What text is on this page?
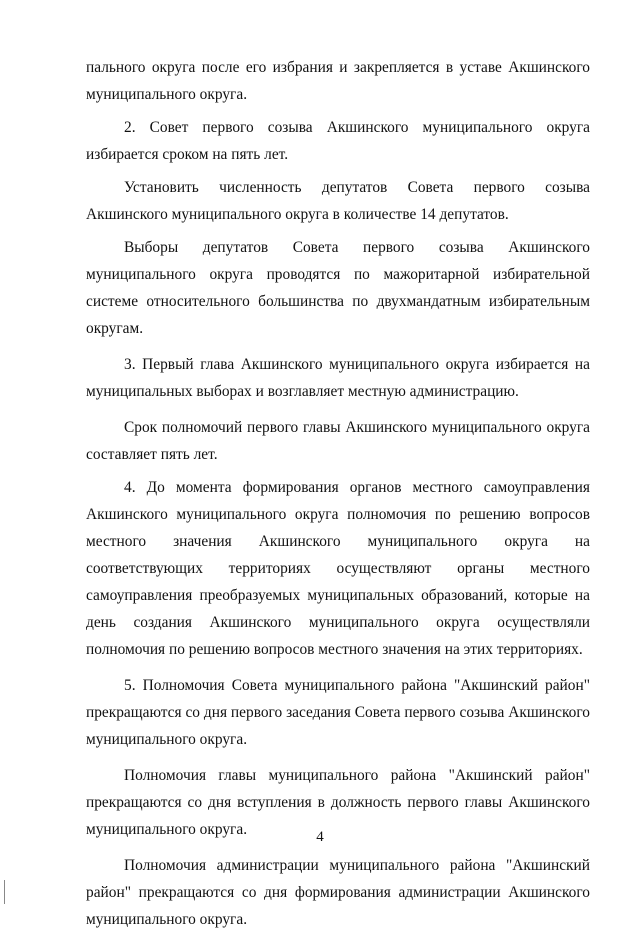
пального округа после его избрания и закрепляется в уставе Акшинского муниципального округа.

2. Совет первого созыва Акшинского муниципального округа избирается сроком на пять лет.

Установить численность депутатов Совета первого созыва Акшинского муниципального округа в количестве 14 депутатов.

Выборы депутатов Совета первого созыва Акшинского муниципального округа проводятся по мажоритарной избирательной системе относительного большинства по двухмандатным избирательным округам.

3. Первый глава Акшинского муниципального округа избирается на муниципальных выборах и возглавляет местную администрацию.

Срок полномочий первого главы Акшинского муниципального округа составляет пять лет.

4. До момента формирования органов местного самоуправления Акшинского муниципального округа полномочия по решению вопросов местного значения Акшинского муниципального округа на соответствующих территориях осуществляют органы местного самоуправления преобразуемых муниципальных образований, которые на день создания Акшинского муниципального округа осуществляли полномочия по решению вопросов местного значения на этих территориях.

5. Полномочия Совета муниципального района "Акшинский район" прекращаются со дня первого заседания Совета первого созыва Акшинского муниципального округа.

Полномочия главы муниципального района "Акшинский район" прекращаются со дня вступления в должность первого главы Акшинского муниципального округа.

Полномочия администрации муниципального района "Акшинский район" прекращаются со дня формирования администрации Акшинского муниципального округа.

4
